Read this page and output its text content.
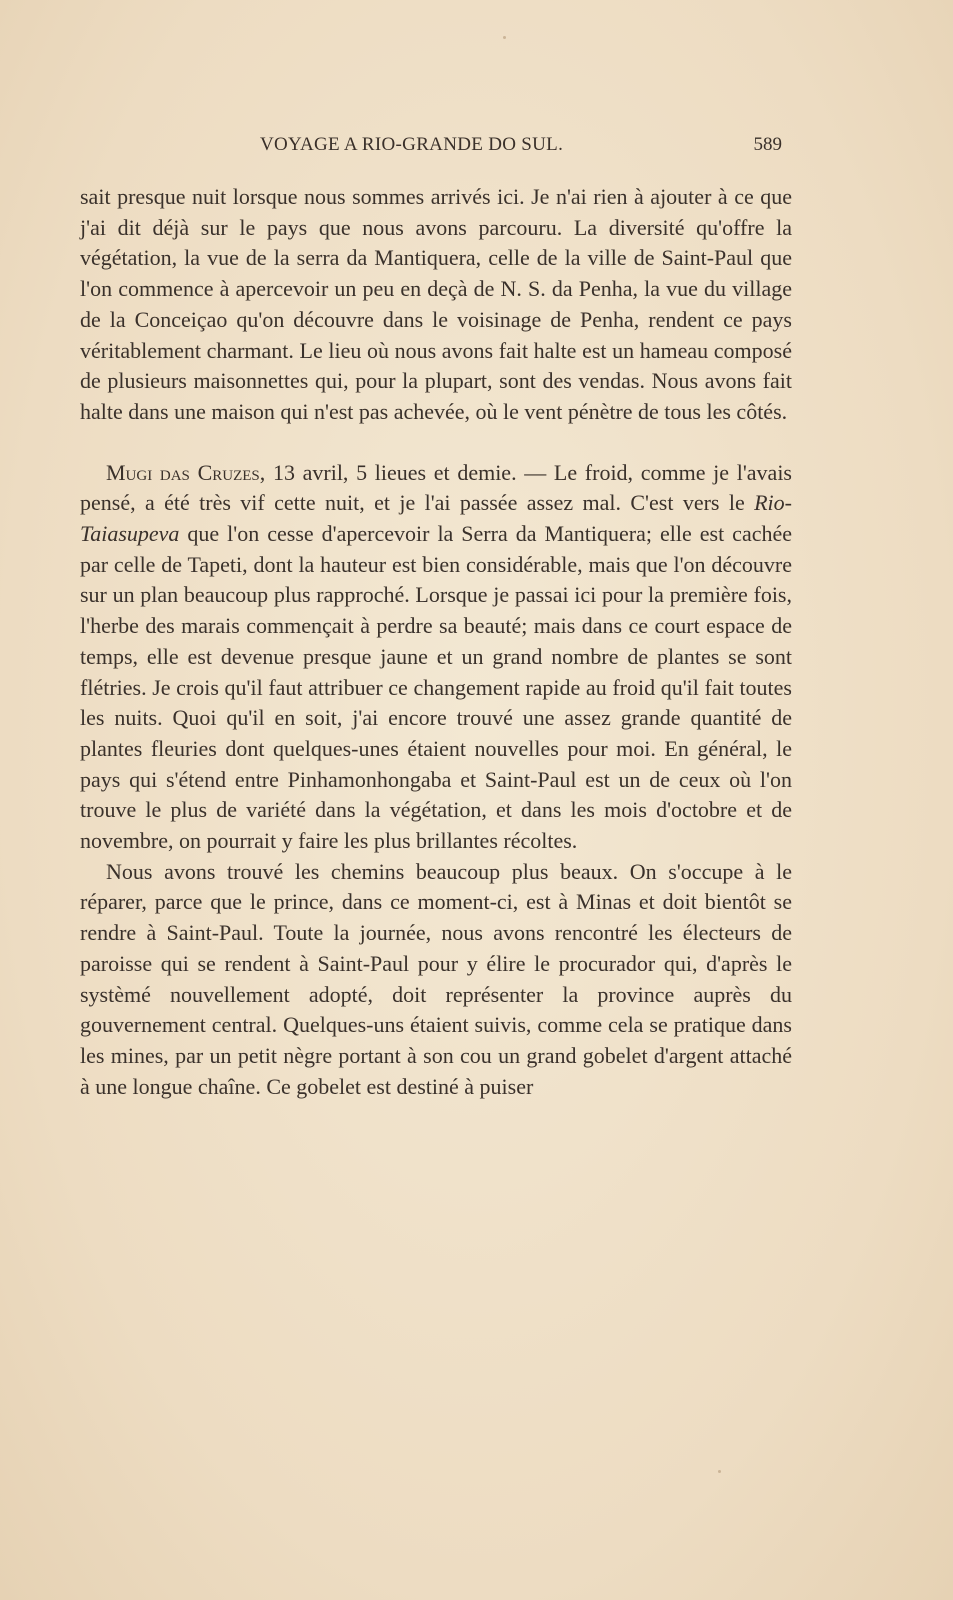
VOYAGE A RIO-GRANDE DO SUL.	589

sait presque nuit lorsque nous sommes arrivés ici. Je n'ai rien à ajouter à ce que j'ai dit déjà sur le pays que nous avons parcouru. La diversité qu'offre la végétation, la vue de la serra da Mantiquera, celle de la ville de Saint-Paul que l'on commence à apercevoir un peu en deçà de N. S. da Penha, la vue du village de la Conceiçao qu'on découvre dans le voisinage de Penha, rendent ce pays véritablement charmant. Le lieu où nous avons fait halte est un hameau composé de plusieurs maisonnettes qui, pour la plupart, sont des vendas. Nous avons fait halte dans une maison qui n'est pas achevée, où le vent pénètre de tous les côtés.

Mugi das Cruzes, 13 avril, 5 lieues et demie. — Le froid, comme je l'avais pensé, a été très vif cette nuit, et je l'ai passée assez mal. C'est vers le Rio-Taiasupeva que l'on cesse d'apercevoir la Serra da Mantiquera; elle est cachée par celle de Tapeti, dont la hauteur est bien considérable, mais que l'on découvre sur un plan beaucoup plus rapproché. Lorsque je passai ici pour la première fois, l'herbe des marais commençait à perdre sa beauté; mais dans ce court espace de temps, elle est devenue presque jaune et un grand nombre de plantes se sont flétries. Je crois qu'il faut attribuer ce changement rapide au froid qu'il fait toutes les nuits. Quoi qu'il en soit, j'ai encore trouvé une assez grande quantité de plantes fleuries dont quelques-unes étaient nouvelles pour moi. En général, le pays qui s'étend entre Pinhamonhongaba et Saint-Paul est un de ceux où l'on trouve le plus de variété dans la végétation, et dans les mois d'octobre et de novembre, on pourrait y faire les plus brillantes récoltes.

Nous avons trouvé les chemins beaucoup plus beaux. On s'occupe à le réparer, parce que le prince, dans ce moment-ci, est à Minas et doit bientôt se rendre à Saint-Paul. Toute la journée, nous avons rencontré les électeurs de paroisse qui se rendent à Saint-Paul pour y élire le procurador qui, d'après le systèmé nouvellement adopté, doit représenter la province auprès du gouvernement central. Quelques-uns étaient suivis, comme cela se pratique dans les mines, par un petit nègre portant à son cou un grand gobelet d'argent attaché à une longue chaîne. Ce gobelet est destiné à puiser
